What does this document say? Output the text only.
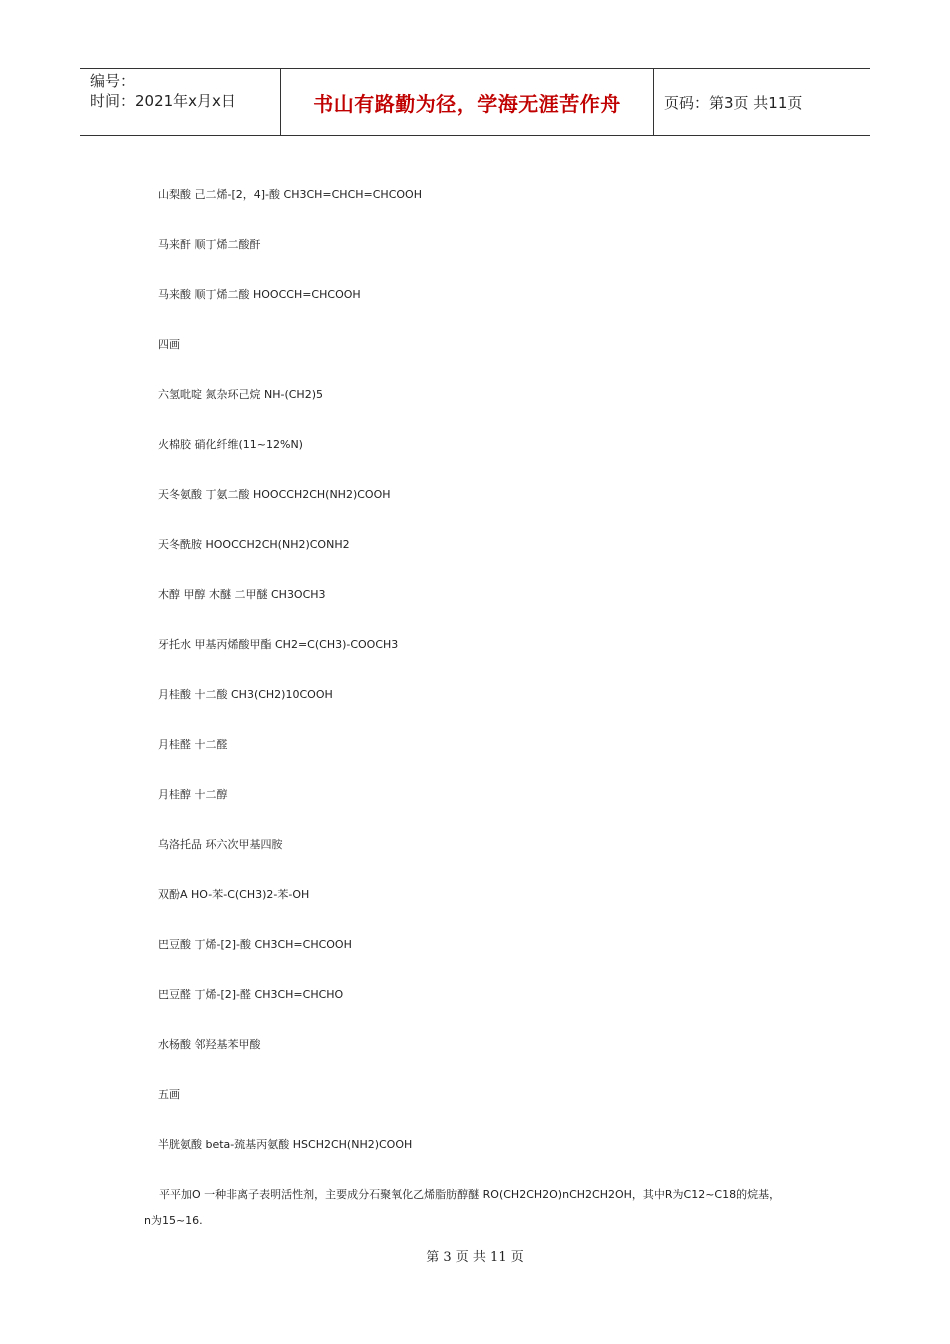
编号：
时间：2021年x月x日	书山有路勤为径，学海无涯苦作舟	页码：第3页 共11页
山梨酸 己二烯-[2，4]-酸 CH3CH=CHCH=CHCOOH
马来酐 顺丁烯二酸酐
马来酸 顺丁烯二酸 HOOCCH=CHCOOH
四画
六氢吡啶 氮杂环己烷 NH-(CH2)5
火棉胶 硝化纤维(11~12%N)
天冬氨酸 丁氨二酸 HOOCCH2CH(NH2)COOH
天冬酰胺 HOOCCH2CH(NH2)CONH2
木醇 甲醇 木醚 二甲醚 CH3OCH3
牙托水 甲基丙烯酸甲酯 CH2=C(CH3)-COOCH3
月桂酸 十二酸 CH3(CH2)10COOH
月桂醛 十二醛
月桂醇 十二醇
乌洛托品 环六次甲基四胺
双酚A HO-苯-C(CH3)2-苯-OH
巴豆酸 丁烯-[2]-酸 CH3CH=CHCOOH
巴豆醛 丁烯-[2]-醛 CH3CH=CHCHO
水杨酸 邻羟基苯甲酸
五画
半胱氨酸 beta-巯基丙氨酸 HSCH2CH(NH2)COOH
平平加O 一种非离子表明活性剂，主要成分石聚氧化乙烯脂肪醇醚 RO(CH2CH2O)nCH2CH2OH，其中R为C12~C18的烷基，
n为15~16.
第 3 页 共 11 页
